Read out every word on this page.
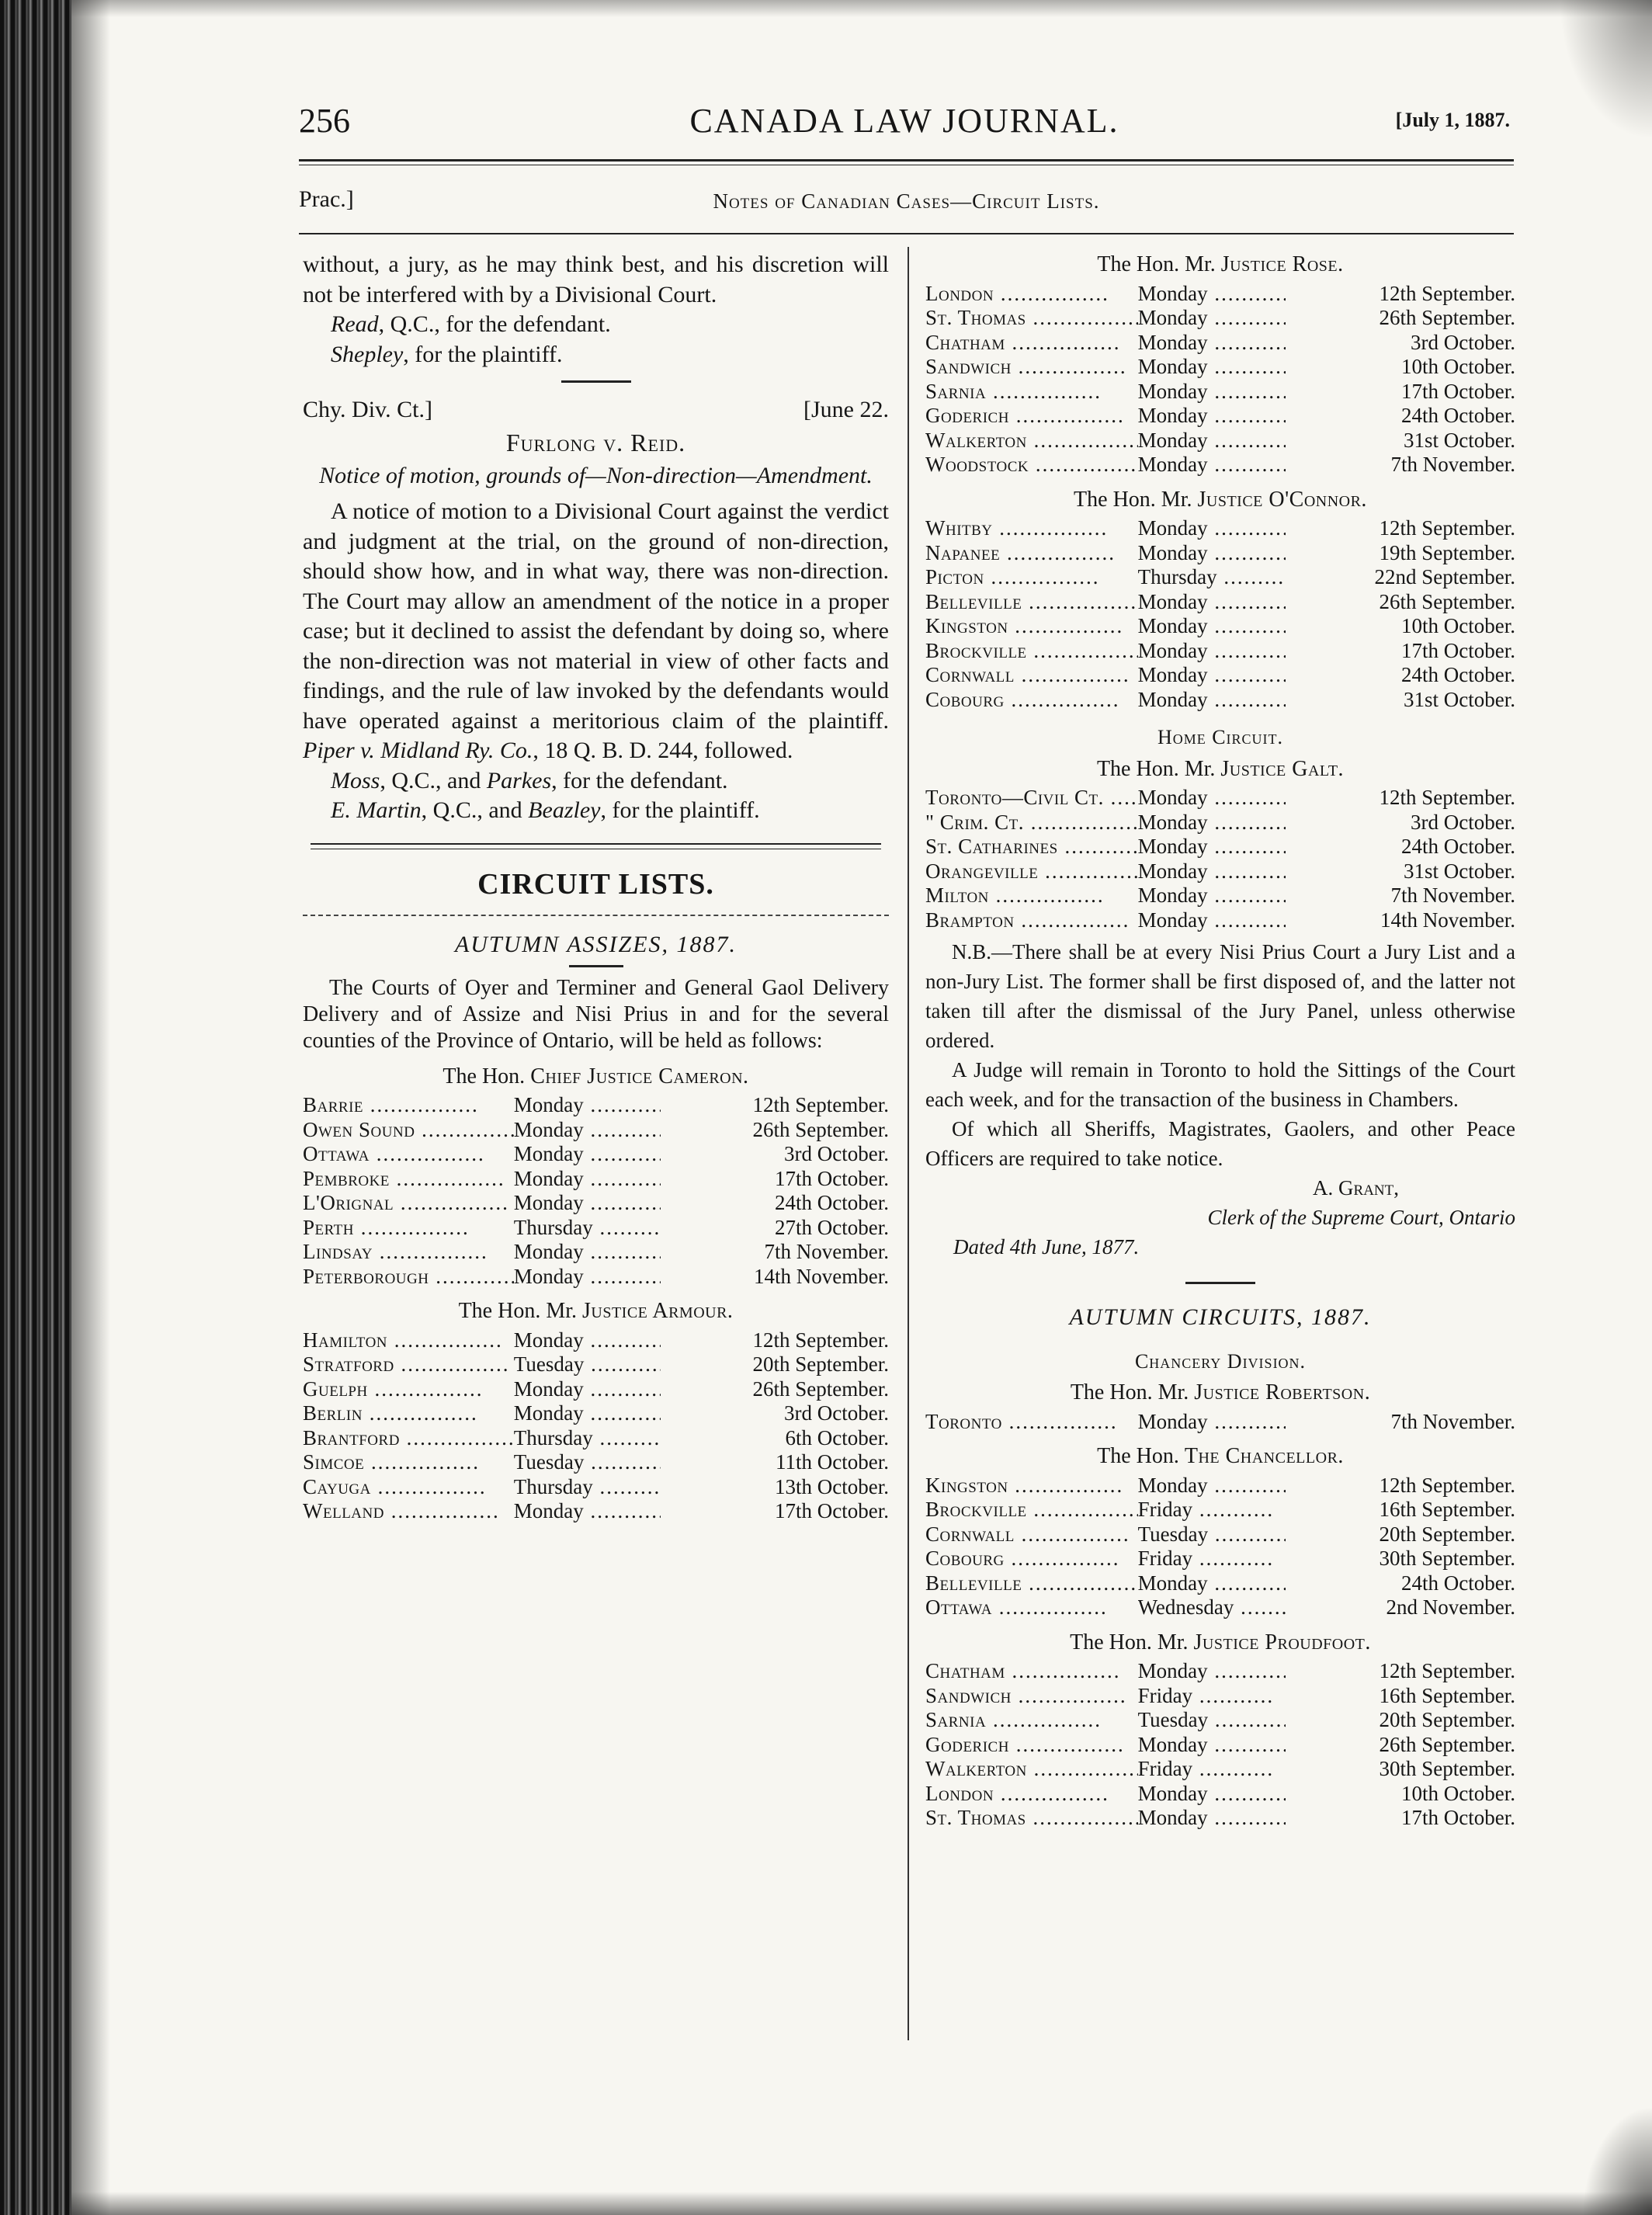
256	CANADA LAW JOURNAL.	[July 1, 1887.
Prac.]	Notes of Canadian Cases—Circuit Lists.

without, a jury, as he may think best, and his discretion will not be interfered with by a Divisional Court.

Read, Q.C., for the defendant.

Shepley, for the plaintiff.

Chy. Div. Ct.]	[June 22.

Furlong v. Reid.

Notice of motion, grounds of—Non-direction—Amendment.

A notice of motion to a Divisional Court against the verdict and judgment at the trial, on the ground of non-direction, should show how, and in what way, there was non-direction. The Court may allow an amendment of the notice in a proper case; but it declined to assist the defendant by doing so, where the non-direction was not material in view of other facts and findings, and the rule of law invoked by the defendants would have operated against a meritorious claim of the plaintiff. Piper v. Midland Ry. Co., 18 Q. B. D. 244, followed.

Moss, Q.C., and Parkes, for the defendant.

E. Martin, Q.C., and Beazley, for the plaintiff.

CIRCUIT LISTS.
AUTUMN ASSIZES, 1887.

The Courts of Oyer and Terminer and General Gaol Delivery Delivery and of Assize and Nisi Prius in and for the several counties of the Province of Ontario, will be held as follows:

The Hon. Chief Justice Cameron.
Barrie .....	Monday .....	12th September.
Owen Sound .....	Monday .....	26th September.
Ottawa .....	Monday .....	3rd October.
Pembroke .....	Monday .....	17th October.
L'Orignal .....	Monday .....	24th October.
Perth .....	Thursday .....	27th October.
Lindsay .....	Monday .....	7th November.
Peterborough .....	Monday .....	14th November.
The Hon. Mr. Justice Armour.
Hamilton .....	Monday .....	12th September.
Stratford .....	Tuesday .....	20th September.
Guelph .....	Monday .....	26th September.
Berlin .....	Monday .....	3rd October.
Brantford .....	Thursday .....	6th October.
Simcoe .....	Tuesday .....	11th October.
Cayuga .....	Thursday .....	13th October.
Welland .....	Monday .....	17th October.
The Hon. Mr. Justice Rose.
London .....	Monday .....	12th September.
St. Thomas .....	Monday .....	26th September.
Chatham .....	Monday .....	3rd October.
Sandwich .....	Monday .....	10th October.
Sarnia .....	Monday .....	17th October.
Goderich .....	Monday .....	24th October.
Walkerton .....	Monday .....	31st October.
Woodstock .....	Monday .....	7th November.
The Hon. Mr. Justice O'Connor.
Whitby .....	Monday .....	12th September.
Napanee .....	Monday .....	19th September.
Picton .....	Thursday .....	22nd September.
Belleville .....	Monday .....	26th September.
Kingston .....	Monday .....	10th October.
Brockville .....	Monday .....	17th October.
Cornwall .....	Monday .....	24th October.
Cobourg .....	Monday .....	31st October.
Home Circuit.
The Hon. Mr. Justice Galt.
Toronto—Civil Ct. .....	Monday .....	12th September.
" Crim. Ct. .....	Monday .....	3rd October.
St. Catharines .....	Monday .....	24th October.
Orangeville .....	Monday .....	31st October.
Milton .....	Monday .....	7th November.
Brampton .....	Monday .....	14th November.

N.B.—There shall be at every Nisi Prius Court a Jury List and a non-Jury List. The former shall be first disposed of, and the latter not taken till after the dismissal of the Jury Panel, unless otherwise ordered.

A Judge will remain in Toronto to hold the Sittings of the Court each week, and for the transaction of the business in Chambers.

Of which all Sheriffs, Magistrates, Gaolers, and other Peace Officers are required to take notice.

A. Grant,

Clerk of the Supreme Court, Ontario

Dated 4th June, 1877.

AUTUMN CIRCUITS, 1887.
Chancery Division.
The Hon. Mr. Justice Robertson.
Toronto .....	Monday .....	7th November.
The Hon. The Chancellor.
Kingston .....	Monday .....	12th September.
Brockville .....	Friday .....	16th September.
Cornwall .....	Tuesday .....	20th September.
Cobourg .....	Friday .....	30th September.
Belleville .....	Monday .....	24th October.
Ottawa .....	Wednesday .....	2nd November.
The Hon. Mr. Justice Proudfoot.
Chatham .....	Monday .....	12th September.
Sandwich .....	Friday .....	16th September.
Sarnia .....	Tuesday .....	20th September.
Goderich .....	Monday .....	26th September.
Walkerton .....	Friday .....	30th September.
London .....	Monday .....	10th October.
St. Thomas .....	Monday .....	17th October.
